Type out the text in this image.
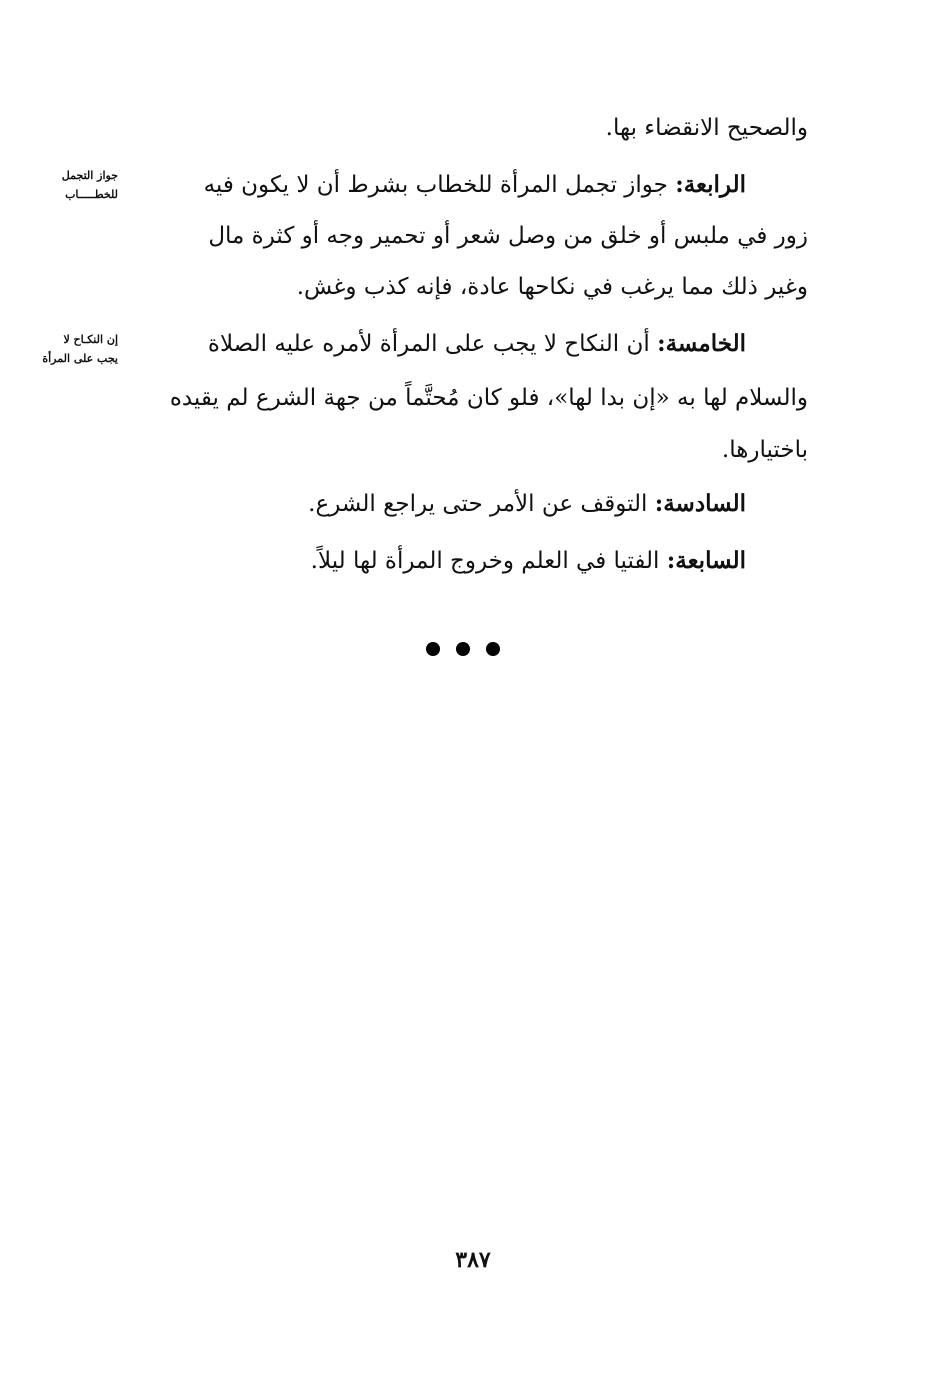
والصحيح الانقضاء بها.
الرابعة: جواز تجمل المرأة للخطاب بشرط أن لا يكون فيه
زور في ملبس أو خلق من وصل شعر أو تحمير وجه أو كثرة مال
وغير ذلك مما يرغب في نكاحها عادة، فإنه كذب وغش.
الخامسة: أن النكاح لا يجب على المرأة لأمره عليه الصلاة
والسلام لها به «إن بدا لها»، فلو كان مُحتَّماً من جهة الشرع لم يقيده
باختيارها.
السادسة: التوقف عن الأمر حتى يراجع الشرع.
السابعة: الفتيا في العلم وخروج المرأة لها ليلاً.
جواز التجمل
للخطـــــاب
إن النكـاح لا
يجب على المرأة
٣٨٧
